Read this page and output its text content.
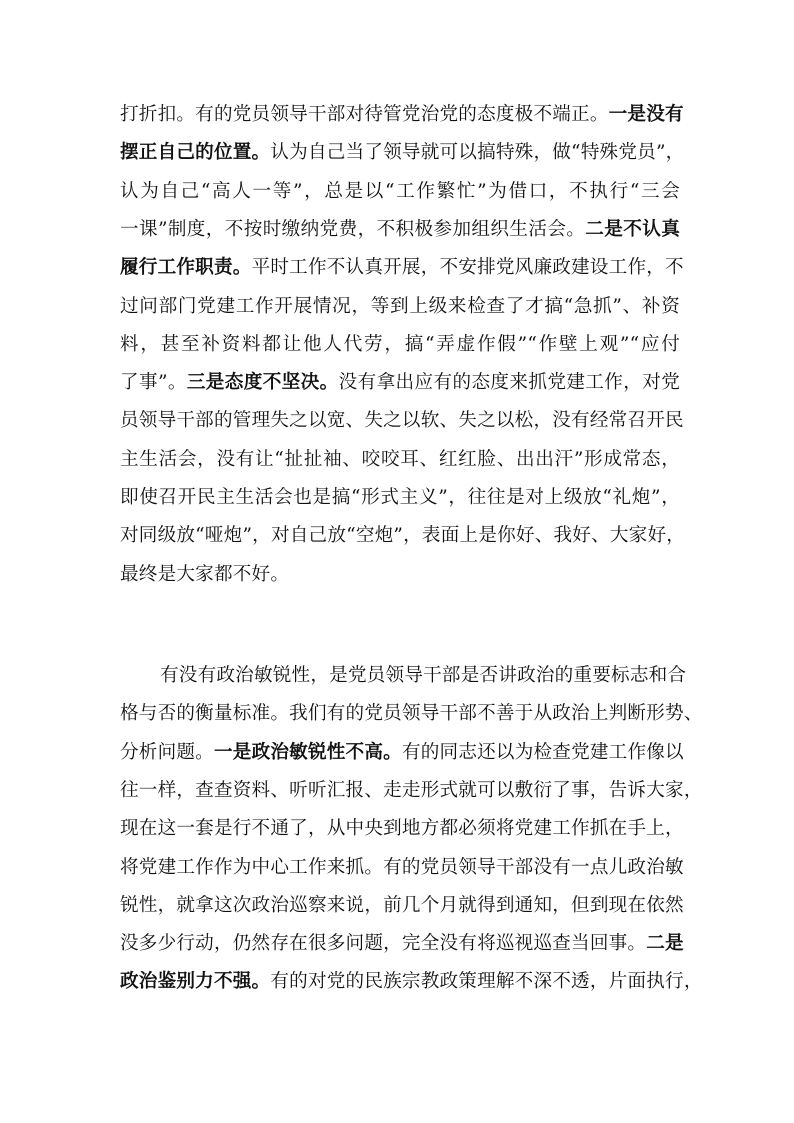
打折扣。有的党员领导干部对待管党治党的态度极不端正。一是没有
摆正自己的位置。认为自己当了领导就可以搞特殊，做“特殊党员”，
认为自己“高人一等”，总是以“工作繁忙”为借口，不执行“三会
一课”制度，不按时缴纳党费，不积极参加组织生活会。二是不认真
履行工作职责。平时工作不认真开展，不安排党风廉政建设工作，不
过问部门党建工作开展情况，等到上级来检查了才搞“急抓”、补资
料，甚至补资料都让他人代劳，搞“弄虚作假”“作壁上观”“应付
了事”。三是态度不坚决。没有拿出应有的态度来抓党建工作，对党
员领导干部的管理失之以宽、失之以软、失之以松，没有经常召开民
主生活会，没有让“扯扯袖、咬咬耳、红红脸、出出汗”形成常态，
即使召开民主生活会也是搞“形式主义”，往往是对上级放“礼炮”，
对同级放“哑炮”，对自己放“空炮”，表面上是你好、我好、大家好，
最终是大家都不好。
有没有政治敏锐性，是党员领导干部是否讲政治的重要标志和合
格与否的衡量标准。我们有的党员领导干部不善于从政治上判断形势、
分析问题。一是政治敏锐性不高。有的同志还以为检查党建工作像以
往一样，查查资料、听听汇报、走走形式就可以敷衍了事，告诉大家，
现在这一套是行不通了，从中央到地方都必须将党建工作抓在手上，
将党建工作作为中心工作来抓。有的党员领导干部没有一点儿政治敏
锐性，就拿这次政治巡察来说，前几个月就得到通知，但到现在依然
没多少行动，仍然存在很多问题，完全没有将巡视巡查当回事。二是
政治鉴别力不强。有的对党的民族宗教政策理解不深不透，片面执行，
